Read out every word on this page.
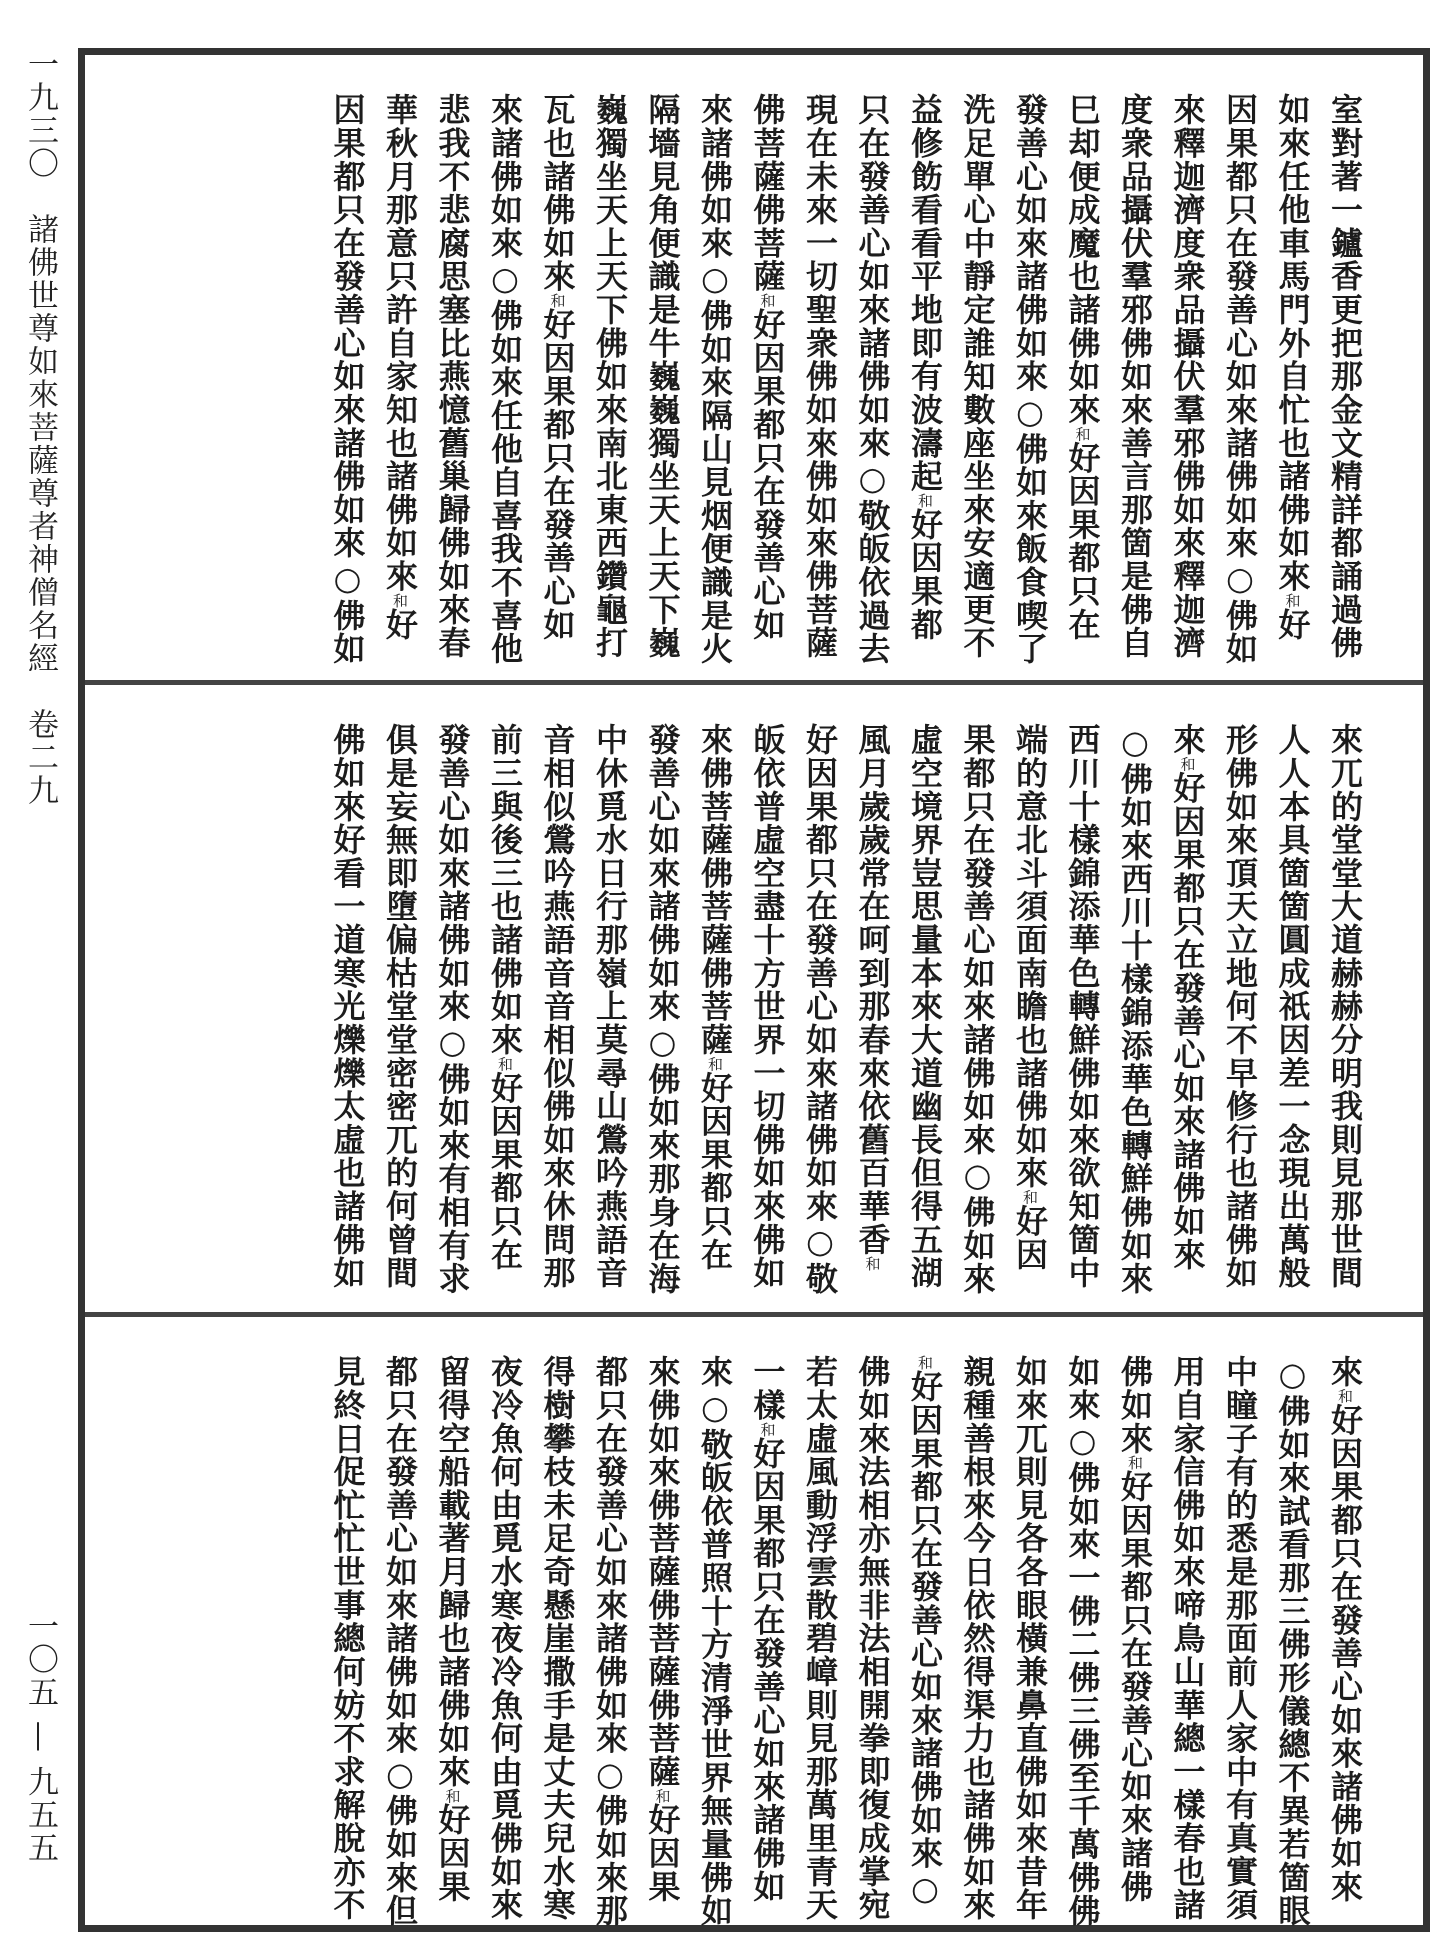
一九三〇　諸佛世尊如來菩薩尊者神僧名經　卷二九
一〇五 — 九五五
室對著一鑪香更把那金文精詳都誦過佛
如來任他車馬門外自忙也諸佛如來和好
因果都只在發善心如來諸佛如來○佛如
來釋迦濟度衆品攝伏羣邪佛如來釋迦濟
度衆品攝伏羣邪佛如來善言那箇是佛自
巳却便成魔也諸佛如來和好因果都只在
發善心如來諸佛如來○佛如來飯食喫了
洗足單心中靜定誰知數座坐來安適更不
益修飭看看平地即有波濤起和好因果都
只在發善心如來諸佛如來○敬皈依過去
現在未來一切聖衆佛如來佛如來佛菩薩
佛菩薩佛菩薩和好因果都只在發善心如
來諸佛如來○佛如來隔山見烟便識是火
隔墻見角便識是牛巍巍獨坐天上天下巍
巍獨坐天上天下佛如來南北東西鑽龜打
瓦也諸佛如來和好因果都只在發善心如
來諸佛如來○佛如來任他自喜我不喜他
悲我不悲腐思塞比燕憶舊巢歸佛如來春
華秋月那意只許自家知也諸佛如來和好
因果都只在發善心如來諸佛如來○佛如
來兀的堂堂大道赫赫分明我則見那世間
人人本具箇箇圓成祇因差一念現出萬般
形佛如來頂天立地何不早修行也諸佛如
來和好因果都只在發善心如來諸佛如來
○佛如來西川十樣錦添華色轉鮮佛如來
西川十樣錦添華色轉鮮佛如來欲知箇中
端的意北斗須面南瞻也諸佛如來和好因
果都只在發善心如來諸佛如來○佛如來
虛空境界豈思量本來大道幽長但得五湖
風月歲歲常在呵到那春來依舊百華香和
好因果都只在發善心如來諸佛如來○敬
皈依普虛空盡十方世界一切佛如來佛如
來佛菩薩佛菩薩佛菩薩和好因果都只在
發善心如來諸佛如來○佛如來那身在海
中休覓水日行那嶺上莫尋山鶯吟燕語音
音相似鶯吟燕語音音相似佛如來休問那
前三與後三也諸佛如來和好因果都只在
發善心如來諸佛如來○佛如來有相有求
俱是妄無即墮偏枯堂堂密密兀的何曾間
佛如來好看一道寒光爍爍太虛也諸佛如
來和好因果都只在發善心如來諸佛如來
○佛如來試看那三佛形儀總不異若箇眼
中瞳子有的悉是那面前人家中有真實須
用自家信佛如來啼鳥山華總一樣春也諸
佛如來和好因果都只在發善心如來諸佛
如來○佛如來一佛二佛三佛至千萬佛佛
如來兀則見各各眼橫兼鼻直佛如來昔年
親種善根來今日依然得渠力也諸佛如來
和好因果都只在發善心如來諸佛如來○
佛如來法相亦無非法相開拳即復成掌宛
若太虛風動浮雲散碧嶂則見那萬里青天
一樣和好因果都只在發善心如來諸佛如
來○敬皈依普照十方清淨世界無量佛如
來佛如來佛菩薩佛菩薩佛菩薩和好因果
都只在發善心如來諸佛如來○佛如來那
得樹攀枝未足奇懸崖撒手是丈夫兒水寒
夜冷魚何由覓水寒夜冷魚何由覓佛如來
留得空船載著月歸也諸佛如來和好因果
都只在發善心如來諸佛如來○佛如來但
見終日促忙忙世事總何妨不求解脫亦不
